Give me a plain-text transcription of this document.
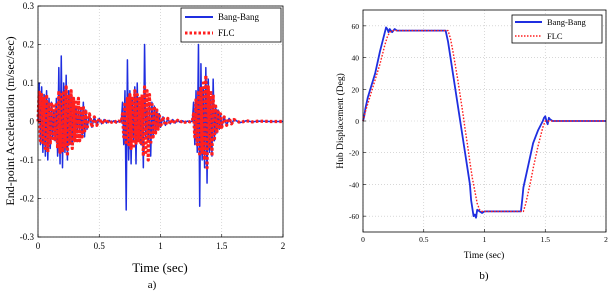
0	0.5	1	1.5	2
-0.3
-0.2
-0.1
0
0.1
0.2
0.3
End-point Acceleration (m/sec/sec)
Time (sec)
a)
Bang-Bang
FLC
0	0.5	1	1.5	2
-60
-40
-20
0
20
40
60
Hub Displacement (Deg)
Time (sec)
b)
Bang-Bang
FLC
